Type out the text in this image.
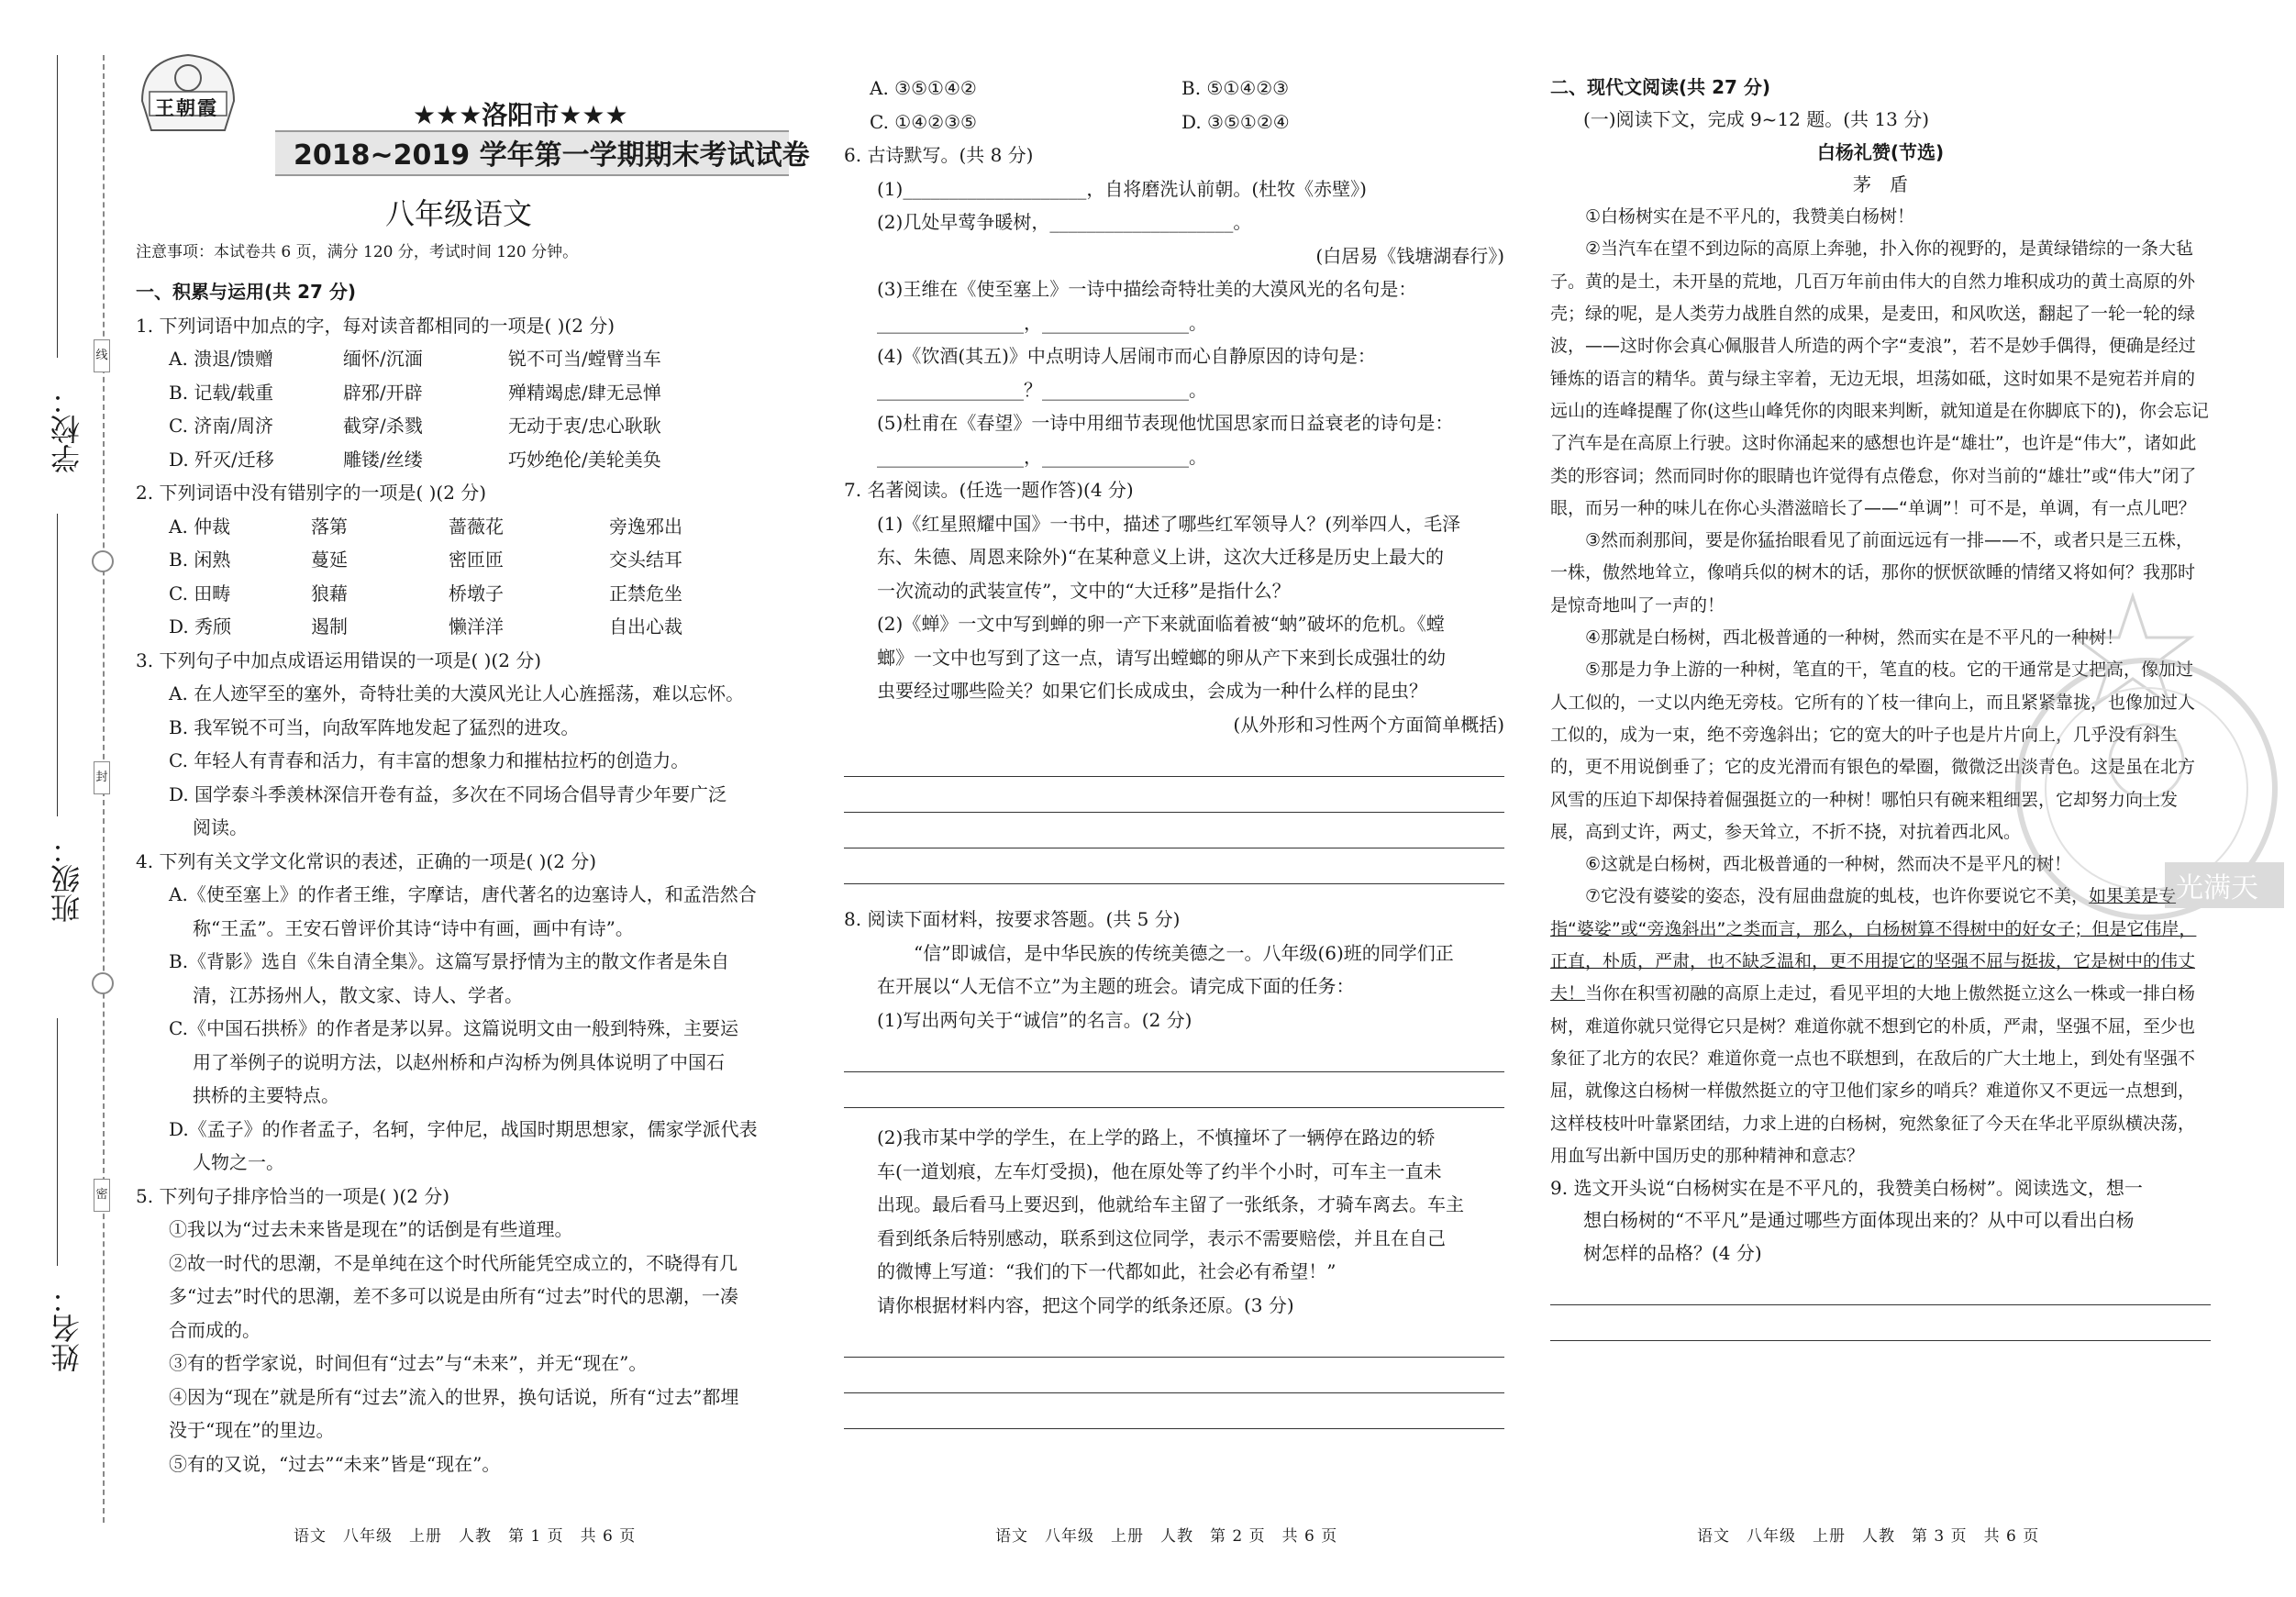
学校：
班级：
姓名：
线
封
密
王朝霞	★★★洛阳市★★★
2018~2019 学年第一学期期末考试试卷
八年级语文
注意事项：本试卷共 6 页，满分 120 分，考试时间 120 分钟。

一、积累与运用(共 27 分)

1. 下列词语中加点的字，每对读音都相同的一项是( )(2 分)

A. 溃退/馈赠	缅怀/沉湎	锐不可当/螳臂当车
B. 记载/载重	辟邪/开辟	殚精竭虑/肆无忌惮
C. 济南/周济	截穿/杀戮	无动于衷/忠心耿耿
D. 歼灭/迁移	雕镂/丝缕	巧妙绝伦/美轮美奂

2. 下列词语中没有错别字的一项是( )(2 分)

A. 仲裁	落第	蔷薇花	旁逸邪出
B. 闲熟	蔓延	密匝匝	交头结耳
C. 田畴	狼藉	桥墩子	正禁危坐
D. 秀颀	遏制	懒洋洋	自出心裁

3. 下列句子中加点成语运用错误的一项是( )(2 分)

A. 在人迹罕至的塞外，奇特壮美的大漠风光让人心旌摇荡，难以忘怀。

B. 我军锐不可当，向敌军阵地发起了猛烈的进攻。

C. 年轻人有青春和活力，有丰富的想象力和摧枯拉朽的创造力。

D. 国学泰斗季羡林深信开卷有益，多次在不同场合倡导青少年要广泛

阅读。

4. 下列有关文学文化常识的表述，正确的一项是( )(2 分)

A.《使至塞上》的作者王维，字摩诘，唐代著名的边塞诗人，和孟浩然合

称“王孟”。王安石曾评价其诗“诗中有画，画中有诗”。

B.《背影》选自《朱自清全集》。这篇写景抒情为主的散文作者是朱自

清，江苏扬州人，散文家、诗人、学者。

C.《中国石拱桥》的作者是茅以昇。这篇说明文由一般到特殊，主要运

用了举例子的说明方法，以赵州桥和卢沟桥为例具体说明了中国石

拱桥的主要特点。

D.《孟子》的作者孟子，名轲，字仲尼，战国时期思想家，儒家学派代表

人物之一。

5. 下列句子排序恰当的一项是( )(2 分)

①我以为“过去未来皆是现在”的话倒是有些道理。

②故一时代的思潮，不是单纯在这个时代所能凭空成立的，不晓得有几

多“过去”时代的思潮，差不多可以说是由所有“过去”时代的思潮，一凑

合而成的。

③有的哲学家说，时间但有“过去”与“未来”，并无“现在”。

④因为“现在”就是所有“过去”流入的世界，换句话说，所有“过去”都埋

没于“现在”的里边。

⑤有的又说，“过去”“未来”皆是“现在”。

语文　八年级　上册　人教　第 1 页　共 6 页
A. ③⑤①④②	B. ⑤①④②③
C. ①④②③⑤	D. ③⑤①②④

6. 古诗默写。(共 8 分)

(1)____________________，自将磨洗认前朝。(杜牧《赤壁》)

(2)几处早莺争暖树，____________________。

(白居易《钱塘湖春行》)

(3)王维在《使至塞上》一诗中描绘奇特壮美的大漠风光的名句是：

________________，________________。

(4)《饮酒(其五)》中点明诗人居闹市而心自静原因的诗句是：

________________？________________。

(5)杜甫在《春望》一诗中用细节表现他忧国思家而日益衰老的诗句是：

________________，________________。

7. 名著阅读。(任选一题作答)(4 分)

(1)《红星照耀中国》一书中，描述了哪些红军领导人？(列举四人，毛泽

东、朱德、周恩来除外)“在某种意义上讲，这次大迁移是历史上最大的

一次流动的武装宣传”，文中的“大迁移”是指什么？

(2)《蝉》一文中写到蝉的卵一产下来就面临着被“蚋”破坏的危机。《螳

螂》一文中也写到了这一点，请写出螳螂的卵从产下来到长成强壮的幼

虫要经过哪些险关？如果它们长成成虫，会成为一种什么样的昆虫？

(从外形和习性两个方面简单概括)

8. 阅读下面材料，按要求答题。(共 5 分)

“信”即诚信，是中华民族的传统美德之一。八年级(6)班的同学们正

在开展以“人无信不立”为主题的班会。请完成下面的任务：

(1)写出两句关于“诚信”的名言。(2 分)

(2)我市某中学的学生，在上学的路上，不慎撞坏了一辆停在路边的轿

车(一道划痕，左车灯受损)，他在原处等了约半个小时，可车主一直未

出现。最后看马上要迟到，他就给车主留了一张纸条，才骑车离去。车主

看到纸条后特别感动，联系到这位同学，表示不需要赔偿，并且在自己

的微博上写道：“我们的下一代都如此，社会必有希望！”

请你根据材料内容，把这个同学的纸条还原。(3 分)

语文　八年级　上册　人教　第 2 页　共 6 页

二、现代文阅读(共 27 分)

(一)阅读下文，完成 9~12 题。(共 13 分)

白杨礼赞(节选)

茅　盾

①白杨树实在是不平凡的，我赞美白杨树！

②当汽车在望不到边际的高原上奔驰，扑入你的视野的，是黄绿错综的一条大毡子。黄的是土，未开垦的荒地，几百万年前由伟大的自然力堆积成功的黄土高原的外壳；绿的呢，是人类劳力战胜自然的成果，是麦田，和风吹送，翻起了一轮一轮的绿波，——这时你会真心佩服昔人所造的两个字“麦浪”，若不是妙手偶得，便确是经过锤炼的语言的精华。黄与绿主宰着，无边无垠，坦荡如砥，这时如果不是宛若并肩的远山的连峰提醒了你(这些山峰凭你的肉眼来判断，就知道是在你脚底下的)，你会忘记了汽车是在高原上行驶。这时你涌起来的感想也许是“雄壮”，也许是“伟大”，诸如此类的形容词；然而同时你的眼睛也许觉得有点倦怠，你对当前的“雄壮”或“伟大”闭了眼，而另一种的味儿在你心头潜滋暗长了——“单调”！可不是，单调，有一点儿吧？

③然而刹那间，要是你猛抬眼看见了前面远远有一排——不，或者只是三五株，一株，傲然地耸立，像哨兵似的树木的话，那你的恹恹欲睡的情绪又将如何？我那时是惊奇地叫了一声的！

④那就是白杨树，西北极普通的一种树，然而实在是不平凡的一种树！

⑤那是力争上游的一种树，笔直的干，笔直的枝。它的干通常是丈把高，像加过人工似的，一丈以内绝无旁枝。它所有的丫枝一律向上，而且紧紧靠拢，也像加过人工似的，成为一束，绝不旁逸斜出；它的宽大的叶子也是片片向上，几乎没有斜生的，更不用说倒垂了；它的皮光滑而有银色的晕圈，微微泛出淡青色。这是虽在北方风雪的压迫下却保持着倔强挺立的一种树！哪怕只有碗来粗细罢，它却努力向上发展，高到丈许，两丈，参天耸立，不折不挠，对抗着西北风。

⑥这就是白杨树，西北极普通的一种树，然而决不是平凡的树！

⑦它没有婆娑的姿态，没有屈曲盘旋的虬枝，也许你要说它不美，如果美是专指“婆娑”或“旁逸斜出”之类而言，那么，白杨树算不得树中的好女子；但是它伟岸，正直，朴质，严肃，也不缺乏温和，更不用提它的坚强不屈与挺拔，它是树中的伟丈夫！当你在积雪初融的高原上走过，看见平坦的大地上傲然挺立这么一株或一排白杨树，难道你就只觉得它只是树？难道你就不想到它的朴质，严肃，坚强不屈，至少也象征了北方的农民？难道你竟一点也不联想到，在敌后的广大土地上，到处有坚强不屈，就像这白杨树一样傲然挺立的守卫他们家乡的哨兵？难道你又不更远一点想到，这样枝枝叶叶靠紧团结，力求上进的白杨树，宛然象征了今天在华北平原纵横决荡，用血写出新中国历史的那种精神和意志？

9. 选文开头说“白杨树实在是不平凡的，我赞美白杨树”。阅读选文，想一

想白杨树的“不平凡”是通过哪些方面体现出来的？从中可以看出白杨

树怎样的品格？(4 分)

语文　八年级　上册　人教　第 3 页　共 6 页
光满天
